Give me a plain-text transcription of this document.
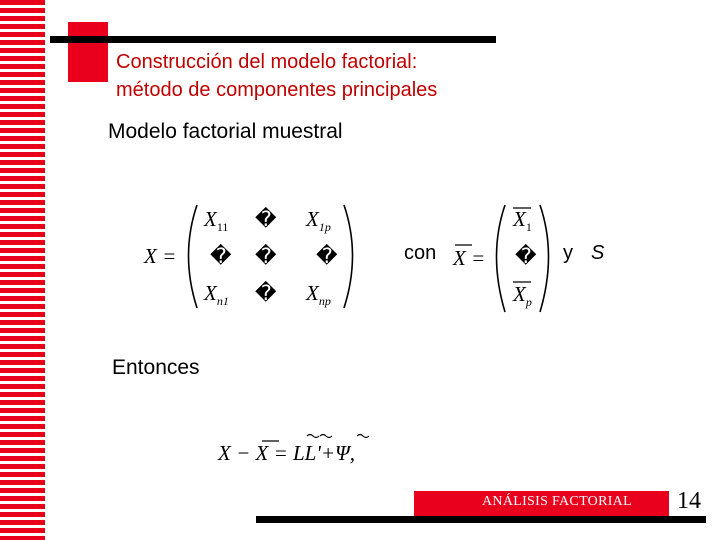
Construcción del modelo factorial:
método de componentes principales

Modelo factorial muestral

X =
$X_{11}$ � $X_{1p}$
� � �
$X_{n1}$ � $X_{np}$
X =
$X_1$
�
$X_p$
X − X = LL'+Ψ,
con	y S

Entonces

ANÁLISIS FACTORIAL 14
